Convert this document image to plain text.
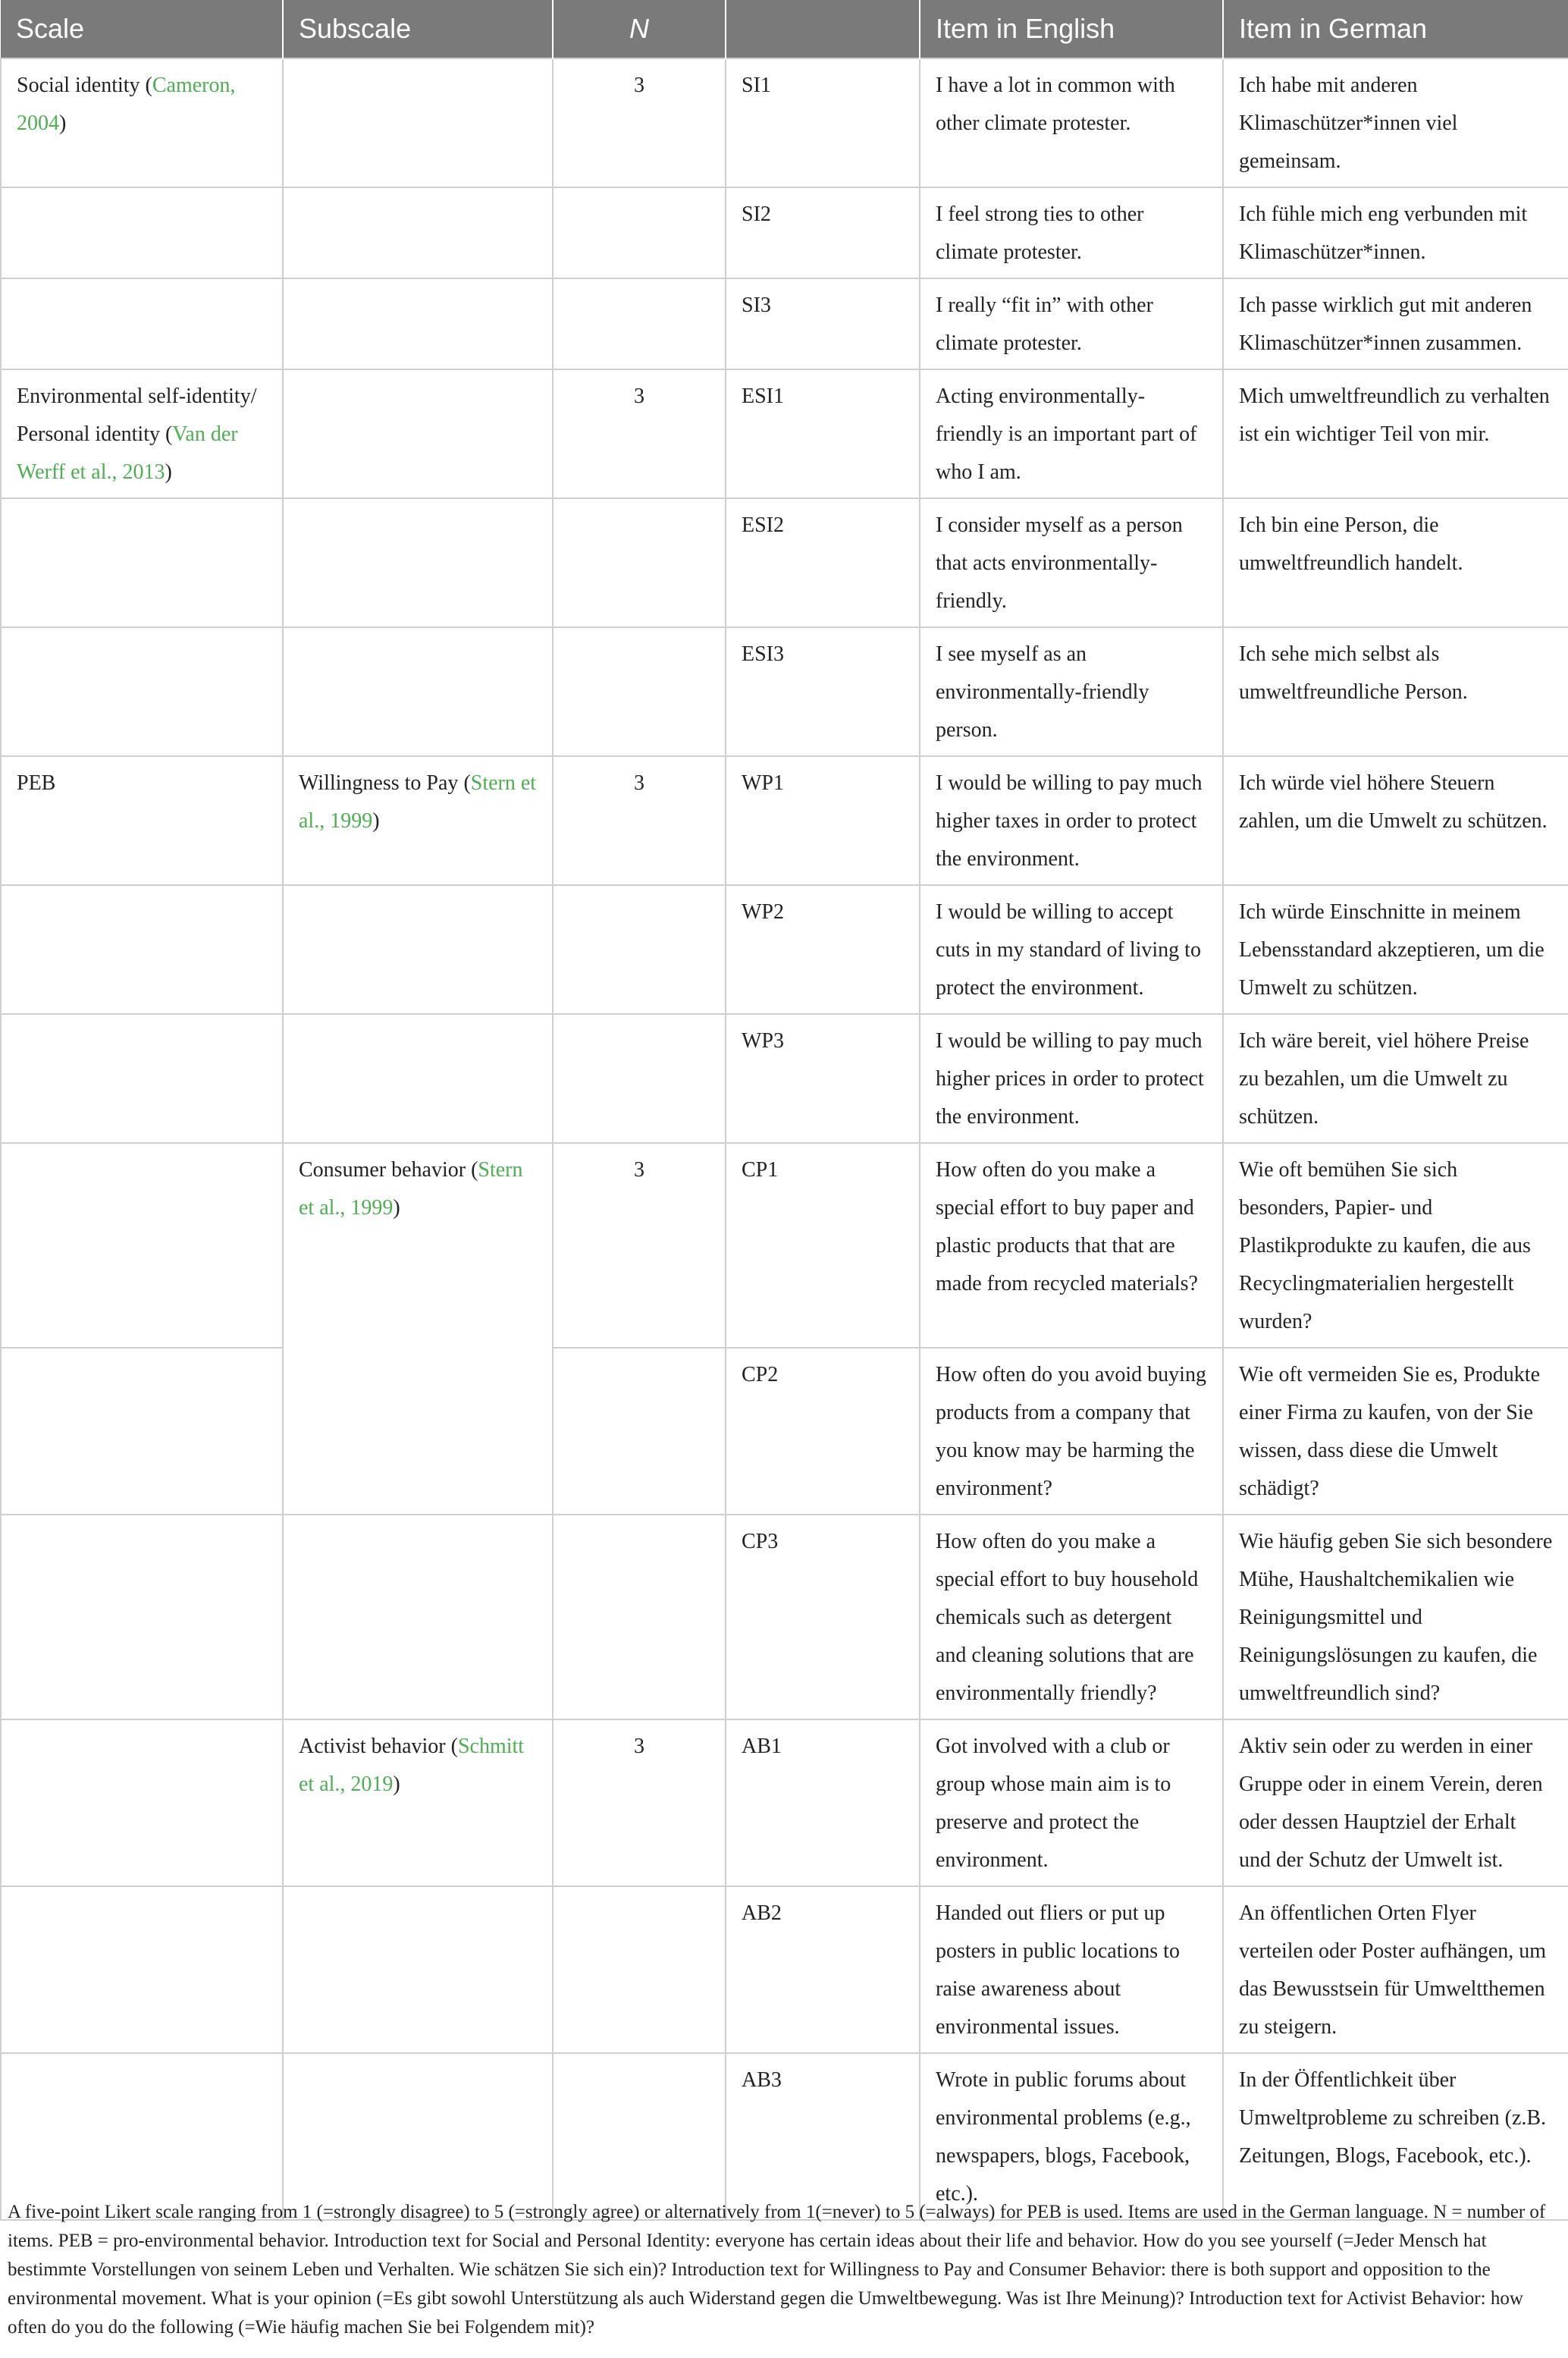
Scale	Subscale	N		Item in English	Item in German
Social identity (Cameron, 2004)		3	SI1	I have a lot in common with other climate protester.	Ich habe mit anderen Klimaschützer*innen viel gemeinsam.
			SI2	I feel strong ties to other climate protester.	Ich fühle mich eng verbunden mit Klimaschützer*innen.
			SI3	I really “fit in” with other climate protester.	Ich passe wirklich gut mit anderen Klimaschützer*innen zusammen.
Environmental self-identity/ Personal identity (Van der Werff et al., 2013)		3	ESI1	Acting environmentally-friendly is an important part of who I am.	Mich umweltfreundlich zu verhalten ist ein wichtiger Teil von mir.
			ESI2	I consider myself as a person that acts environmentally-friendly.	Ich bin eine Person, die umweltfreundlich handelt.
			ESI3	I see myself as an environmentally-friendly person.	Ich sehe mich selbst als umweltfreundliche Person.
PEB	Willingness to Pay (Stern et al., 1999)	3	WP1	I would be willing to pay much higher taxes in order to protect the environment.	Ich würde viel höhere Steuern zahlen, um die Umwelt zu schützen.
			WP2	I would be willing to accept cuts in my standard of living to protect the environment.	Ich würde Einschnitte in meinem Lebensstandard akzeptieren, um die Umwelt zu schützen.
			WP3	I would be willing to pay much higher prices in order to protect the environment.	Ich wäre bereit, viel höhere Preise zu bezahlen, um die Umwelt zu schützen.
	Consumer behavior (Stern et al., 1999)	3	CP1	How often do you make a special effort to buy paper and plastic products that that are made from recycled materials?	Wie oft bemühen Sie sich besonders, Papier- und Plastikprodukte zu kaufen, die aus Recyclingmaterialien hergestellt wurden?
			CP2	How often do you avoid buying products from a company that you know may be harming the environment?	Wie oft vermeiden Sie es, Produkte einer Firma zu kaufen, von der Sie wissen, dass diese die Umwelt schädigt?
			CP3	How often do you make a special effort to buy household chemicals such as detergent and cleaning solutions that are environmentally friendly?	Wie häufig geben Sie sich besondere Mühe, Haushaltchemikalien wie Reinigungsmittel und Reinigungslösungen zu kaufen, die umweltfreundlich sind?
	Activist behavior (Schmitt et al., 2019)	3	AB1	Got involved with a club or group whose main aim is to preserve and protect the environment.	Aktiv sein oder zu werden in einer Gruppe oder in einem Verein, deren oder dessen Hauptziel der Erhalt und der Schutz der Umwelt ist.
			AB2	Handed out fliers or put up posters in public locations to raise awareness about environmental issues.	An öffentlichen Orten Flyer verteilen oder Poster aufhängen, um das Bewusstsein für Umweltthemen zu steigern.
			AB3	Wrote in public forums about environmental problems (e.g., newspapers, blogs, Facebook, etc.).	In der Öffentlichkeit über Umweltprobleme zu schreiben (z.B. Zeitungen, Blogs, Facebook, etc.).

A five-point Likert scale ranging from 1 (=strongly disagree) to 5 (=strongly agree) or alternatively from 1(=never) to 5 (=always) for PEB is used. Items are used in the German language. N = number of items. PEB = pro-environmental behavior. Introduction text for Social and Personal Identity: everyone has certain ideas about their life and behavior. How do you see yourself (=Jeder Mensch hat bestimmte Vorstellungen von seinem Leben und Verhalten. Wie schätzen Sie sich ein)? Introduction text for Willingness to Pay and Consumer Behavior: there is both support and opposition to the environmental movement. What is your opinion (=Es gibt sowohl Unterstützung als auch Widerstand gegen die Umweltbewegung. Was ist Ihre Meinung)? Introduction text for Activist Behavior: how often do you do the following (=Wie häufig machen Sie bei Folgendem mit)?
